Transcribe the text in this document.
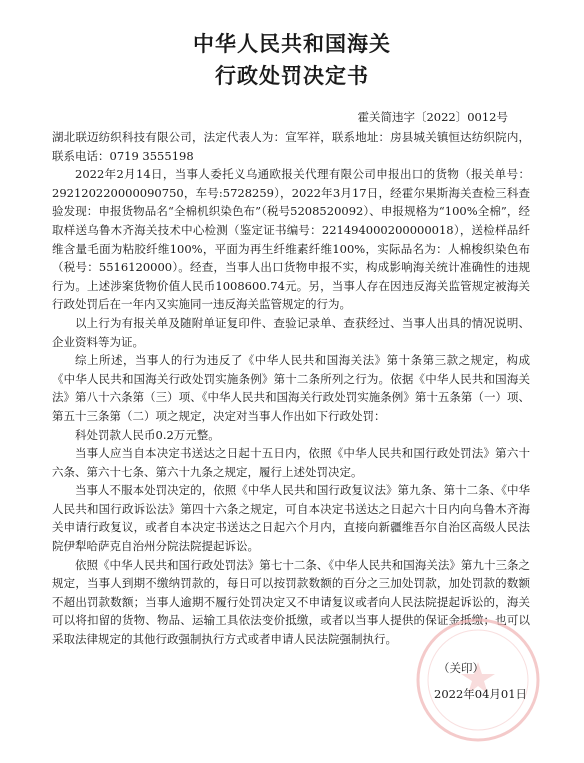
中华人民共和国海关
行政处罚决定书
霍关简违字〔2022〕0012号

湖北联迈纺织科技有限公司，法定代表人为：宣军祥，联系地址：房县城关镇恒达纺织院内，联系电话：0719 3555198

2022年2月14日，当事人委托义乌通欧报关代理有限公司申报出口的货物（报关单号：292120220000090750，车号:5728259），2022年3月17日，经霍尔果斯海关查检三科查验发现：申报货物品名“全棉机织染色布”（税号5208520092）、申报规格为“100%全棉”，经取样送乌鲁木齐海关技术中心检测（鉴定证书编号：221494000200000018），送检样品纤维含量毛面为粘胶纤维100%，平面为再生纤维素纤维100%，实际品名为：人棉梭织染色布（税号：5516120000）。经查，当事人出口货物申报不实，构成影响海关统计准确性的违规行为。上述涉案货物价值人民币1008600.74元。另，当事人存在因违反海关监管规定被海关行政处罚后在一年内又实施同一违反海关监管规定的行为。

以上行为有报关单及随附单证复印件、查验记录单、查获经过、当事人出具的情况说明、企业资料等为证。

综上所述，当事人的行为违反了《中华人民共和国海关法》第十条第三款之规定，构成《中华人民共和国海关行政处罚实施条例》第十二条所列之行为。依据《中华人民共和国海关法》第八十六条第（三）项、《中华人民共和国海关行政处罚实施条例》第十五条第（一）项、第五十三条第（二）项之规定，决定对当事人作出如下行政处罚：

科处罚款人民币0.2万元整。

当事人应当自本决定书送达之日起十五日内，依照《中华人民共和国行政处罚法》第六十六条、第六十七条、第六十九条之规定，履行上述处罚决定。

当事人不服本处罚决定的，依照《中华人民共和国行政复议法》第九条、第十二条、《中华人民共和国行政诉讼法》第四十六条之规定，可自本决定书送达之日起六十日内向乌鲁木齐海关申请行政复议，或者自本决定书送达之日起六个月内，直接向新疆维吾尔自治区高级人民法院伊犁哈萨克自治州分院法院提起诉讼。

依照《中华人民共和国行政处罚法》第七十二条、《中华人民共和国海关法》第九十三条之规定，当事人到期不缴纳罚款的，每日可以按罚款数额的百分之三加处罚款，加处罚款的数额不超出罚款数额；当事人逾期不履行处罚决定又不申请复议或者向人民法院提起诉讼的，海关可以将扣留的货物、物品、运输工具依法变价抵缴，或者以当事人提供的保证金抵缴；也可以采取法律规定的其他行政强制执行方式或者申请人民法院强制执行。

（关印）
2022年04月01日
